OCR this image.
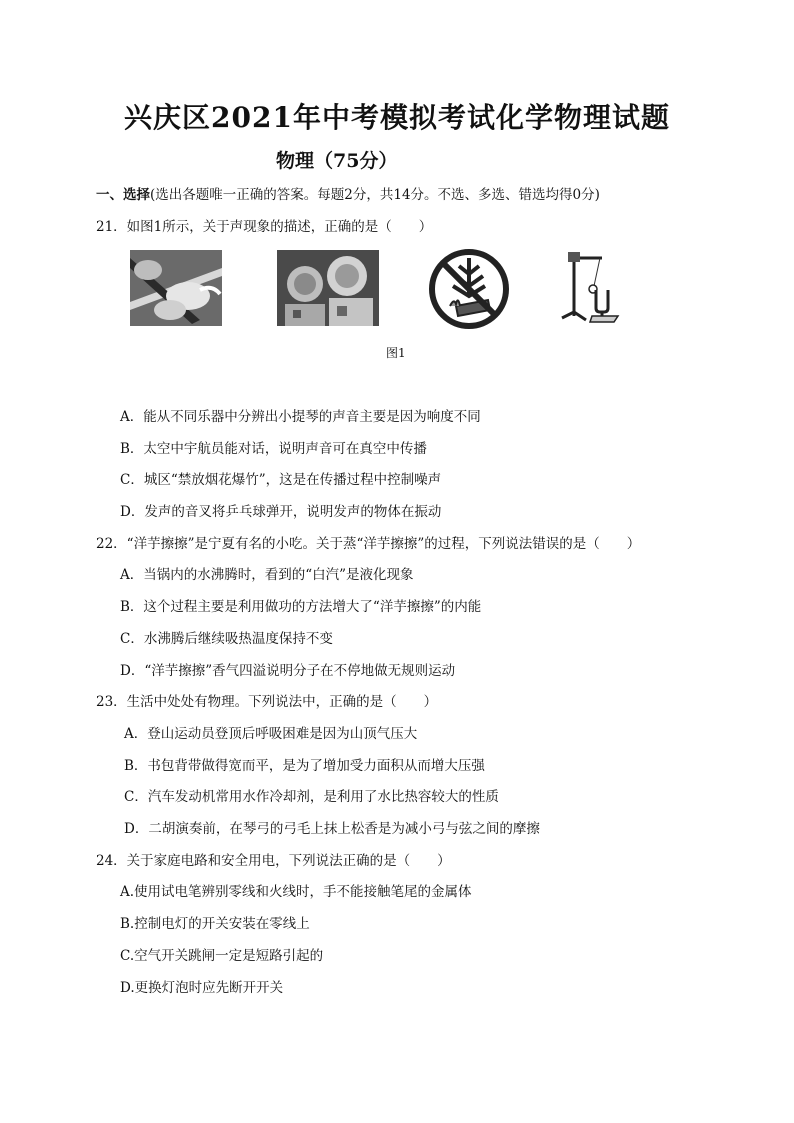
兴庆区2021年中考模拟考试化学物理试题
物理（75分）
一、选择(选出各题唯一正确的答案。每题2分，共14分。不选、多选、错选均得0分)
21．如图1所示，关于声现象的描述，正确的是（　　）
图1
A．能从不同乐器中分辨出小提琴的声音主要是因为响度不同
B．太空中宇航员能对话，说明声音可在真空中传播
C．城区“禁放烟花爆竹”，这是在传播过程中控制噪声
D．发声的音叉将乒乓球弹开，说明发声的物体在振动
22．“洋芋擦擦”是宁夏有名的小吃。关于蒸“洋芋擦擦”的过程，下列说法错误的是（　　）
A．当锅内的水沸腾时，看到的“白汽”是液化现象
B．这个过程主要是利用做功的方法增大了“洋芋擦擦”的内能
C．水沸腾后继续吸热温度保持不变
D．“洋芋擦擦”香气四溢说明分子在不停地做无规则运动
23．生活中处处有物理。下列说法中，正确的是（　　）
A．登山运动员登顶后呼吸困难是因为山顶气压大
B．书包背带做得宽而平，是为了增加受力面积从而增大压强
C．汽车发动机常用水作冷却剂，是利用了水比热容较大的性质
D．二胡演奏前，在琴弓的弓毛上抹上松香是为减小弓与弦之间的摩擦
24．关于家庭电路和安全用电，下列说法正确的是（　　）
A.使用试电笔辨别零线和火线时，手不能接触笔尾的金属体
B.控制电灯的开关安装在零线上
C.空气开关跳闸一定是短路引起的
D.更换灯泡时应先断开开关
